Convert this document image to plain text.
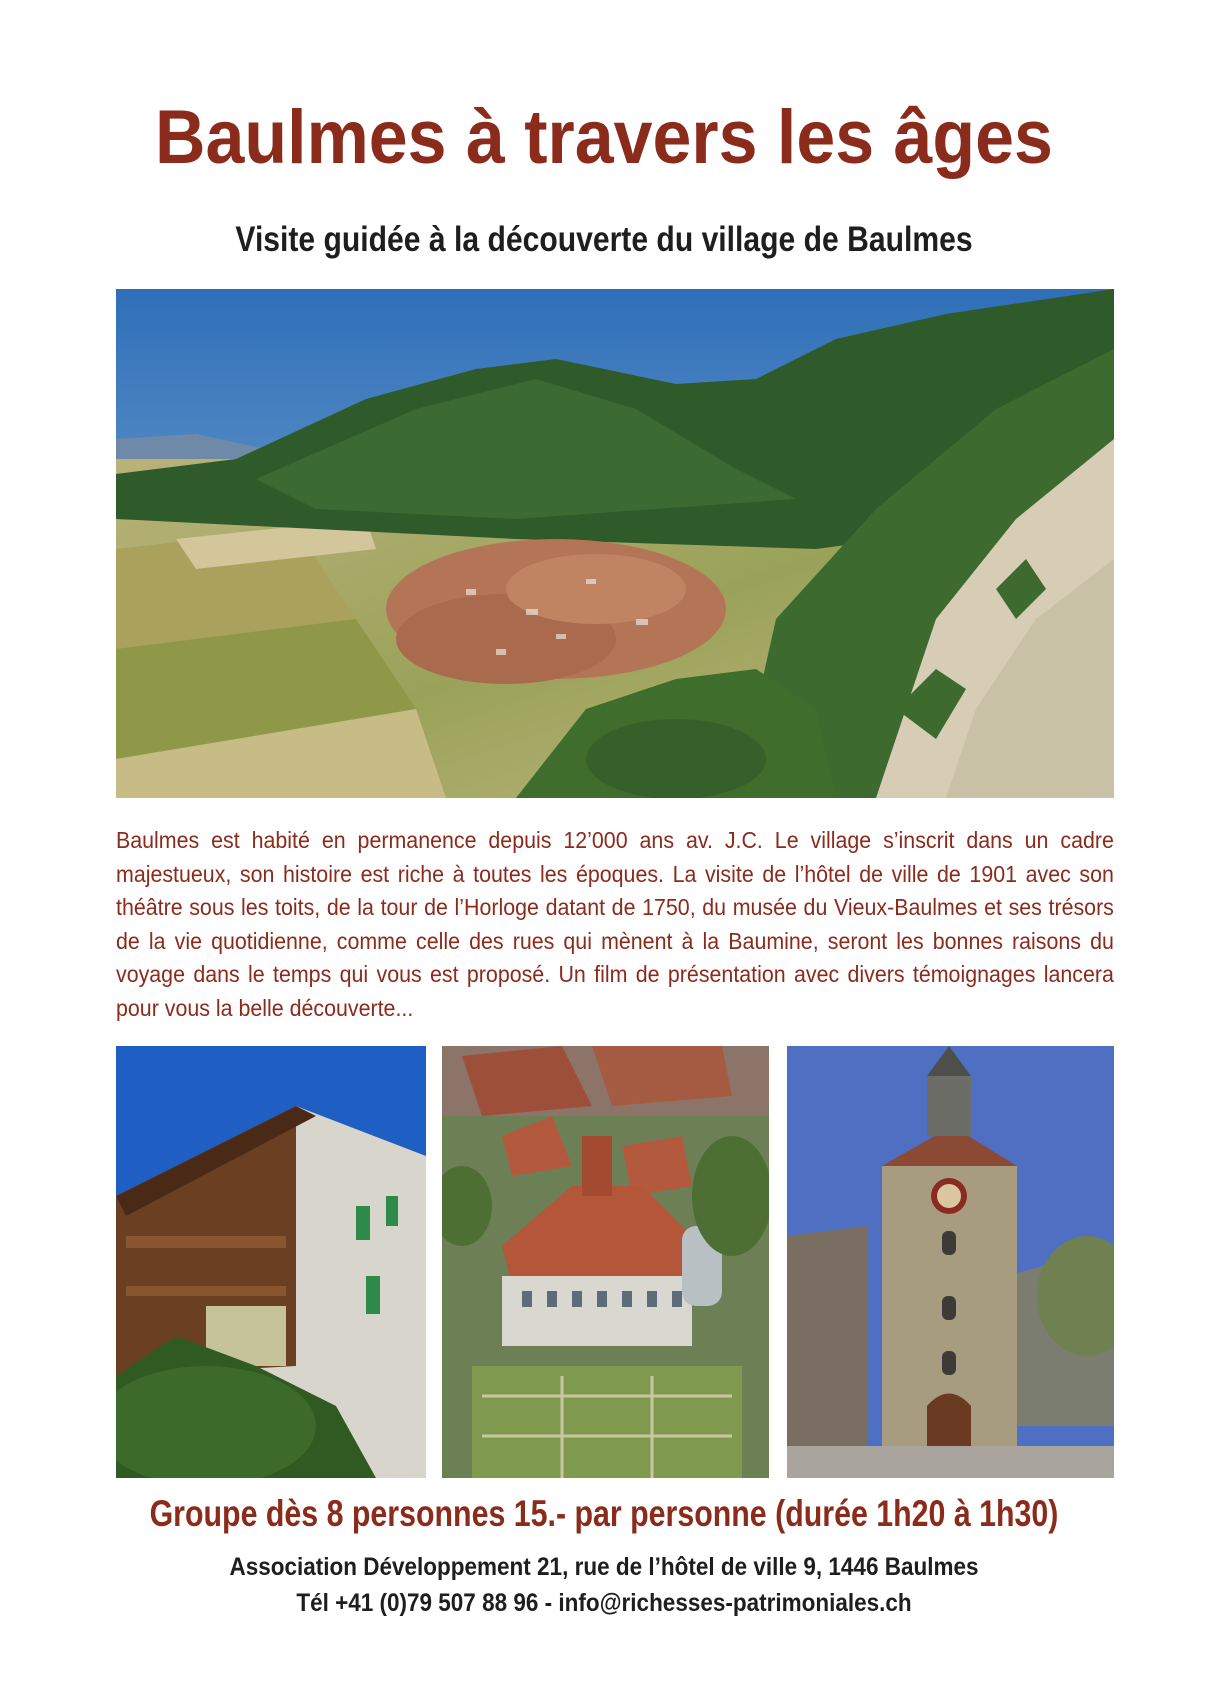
Baulmes à travers les âges
Visite guidée à la découverte du village de Baulmes

Baulmes est habité en permanence depuis 12’000 ans av. J.C. Le village s’inscrit dans un cadre majestueux, son histoire est riche à toutes les époques. La visite de l’hôtel de ville de 1901 avec son théâtre sous les toits, de la tour de l’Horloge datant de 1750, du musée du Vieux-Baulmes et ses trésors de la vie quotidienne, comme celle des rues qui mènent à la Baumine, seront les bonnes raisons du voyage dans le temps qui vous est proposé. Un film de présentation avec divers témoignages lancera pour vous la belle découverte...

Groupe dès 8 personnes 15.- par personne (durée 1h20 à 1h30)

Association Développement 21, rue de l’hôtel de ville 9, 1446 Baulmes

Tél +41 (0)79 507 88 96 - info@richesses-patrimoniales.ch
